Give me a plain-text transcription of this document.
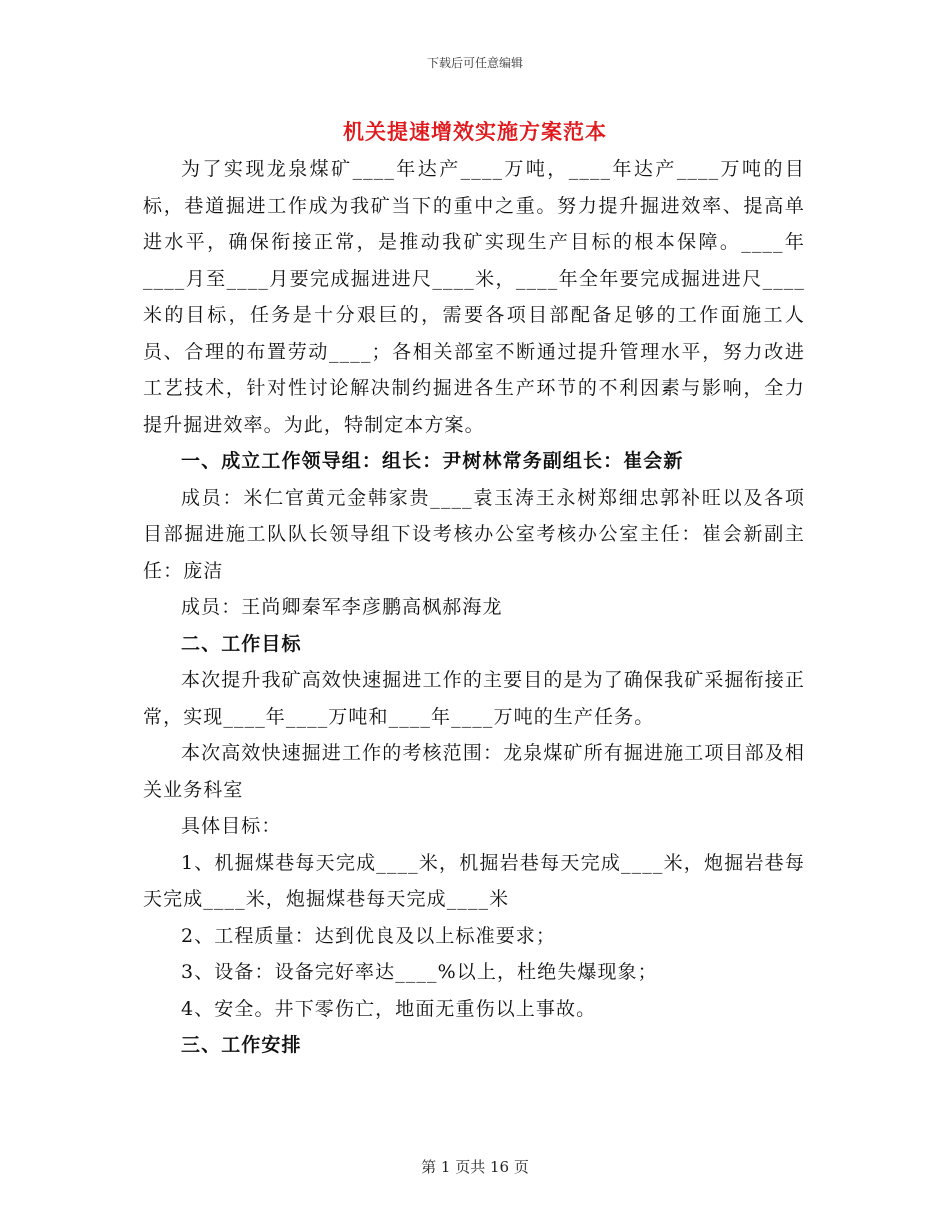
下载后可任意编辑
机关提速增效实施方案范本

为了实现龙泉煤矿____年达产____万吨，____年达产____万吨的目标，巷道掘进工作成为我矿当下的重中之重。努力提升掘进效率、提高单进水平，确保衔接正常，是推动我矿实现生产目标的根本保障。____年____月至____月要完成掘进进尺____米，____年全年要完成掘进进尺____米的目标，任务是十分艰巨的，需要各项目部配备足够的工作面施工人员、合理的布置劳动____；各相关部室不断通过提升管理水平，努力改进工艺技术，针对性讨论解决制约掘进各生产环节的不利因素与影响，全力提升掘进效率。为此，特制定本方案。

一、成立工作领导组：组长：尹树林常务副组长：崔会新

成员：米仁官黄元金韩家贵____袁玉涛王永树郑细忠郭补旺以及各项目部掘进施工队队长领导组下设考核办公室考核办公室主任：崔会新副主任：庞洁

成员：王尚卿秦军李彦鹏高枫郝海龙

二、工作目标

本次提升我矿高效快速掘进工作的主要目的是为了确保我矿采掘衔接正常，实现____年____万吨和____年____万吨的生产任务。

本次高效快速掘进工作的考核范围：龙泉煤矿所有掘进施工项目部及相关业务科室

具体目标：

1、机掘煤巷每天完成____米，机掘岩巷每天完成____米，炮掘岩巷每天完成____米，炮掘煤巷每天完成____米

2、工程质量：达到优良及以上标准要求；

3、设备：设备完好率达____%以上，杜绝失爆现象；

4、安全。井下零伤亡，地面无重伤以上事故。

三、工作安排

第 1 页共 16 页
